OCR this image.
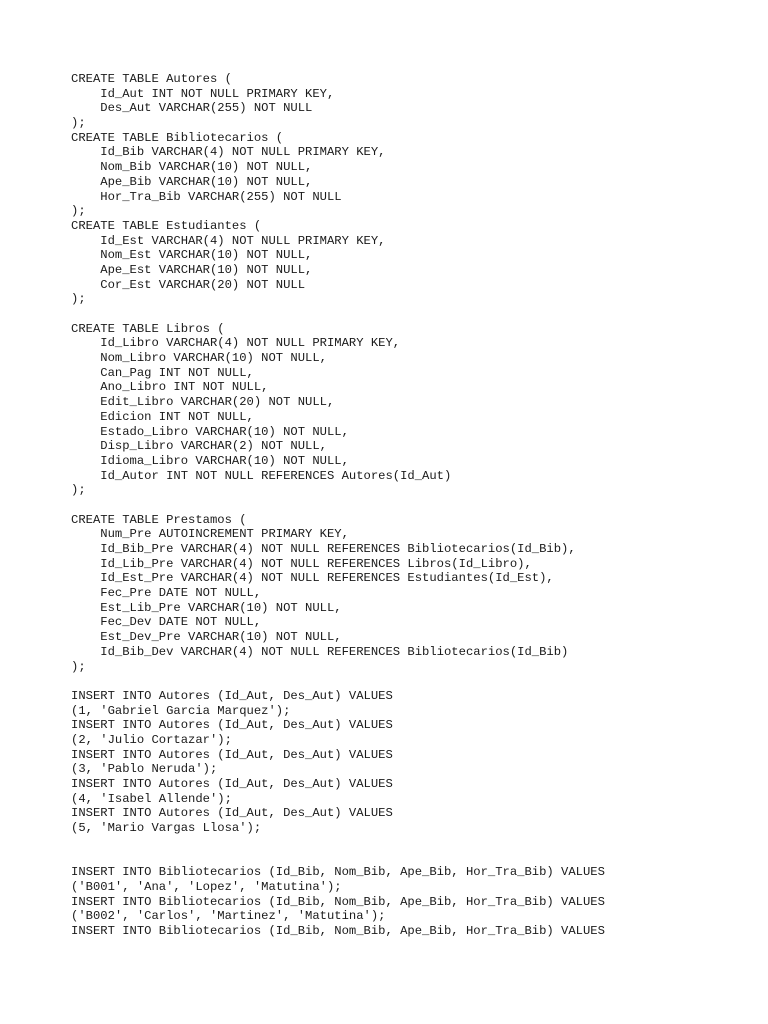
CREATE TABLE Autores (
Id_Aut INT NOT NULL PRIMARY KEY,
Des_Aut VARCHAR(255) NOT NULL
);
CREATE TABLE Bibliotecarios (
Id_Bib VARCHAR(4) NOT NULL PRIMARY KEY,
Nom_Bib VARCHAR(10) NOT NULL,
Ape_Bib VARCHAR(10) NOT NULL,
Hor_Tra_Bib VARCHAR(255) NOT NULL
);
CREATE TABLE Estudiantes (
Id_Est VARCHAR(4) NOT NULL PRIMARY KEY,
Nom_Est VARCHAR(10) NOT NULL,
Ape_Est VARCHAR(10) NOT NULL,
Cor_Est VARCHAR(20) NOT NULL
);
CREATE TABLE Libros (
Id_Libro VARCHAR(4) NOT NULL PRIMARY KEY,
Nom_Libro VARCHAR(10) NOT NULL,
Can_Pag INT NOT NULL,
Ano_Libro INT NOT NULL,
Edit_Libro VARCHAR(20) NOT NULL,
Edicion INT NOT NULL,
Estado_Libro VARCHAR(10) NOT NULL,
Disp_Libro VARCHAR(2) NOT NULL,
Idioma_Libro VARCHAR(10) NOT NULL,
Id_Autor INT NOT NULL REFERENCES Autores(Id_Aut)
);
CREATE TABLE Prestamos (
Num_Pre AUTOINCREMENT PRIMARY KEY,
Id_Bib_Pre VARCHAR(4) NOT NULL REFERENCES Bibliotecarios(Id_Bib),
Id_Lib_Pre VARCHAR(4) NOT NULL REFERENCES Libros(Id_Libro),
Id_Est_Pre VARCHAR(4) NOT NULL REFERENCES Estudiantes(Id_Est),
Fec_Pre DATE NOT NULL,
Est_Lib_Pre VARCHAR(10) NOT NULL,
Fec_Dev DATE NOT NULL,
Est_Dev_Pre VARCHAR(10) NOT NULL,
Id_Bib_Dev VARCHAR(4) NOT NULL REFERENCES Bibliotecarios(Id_Bib)
);
INSERT INTO Autores (Id_Aut, Des_Aut) VALUES
(1, 'Gabriel Garcia Marquez');
INSERT INTO Autores (Id_Aut, Des_Aut) VALUES
(2, 'Julio Cortazar');
INSERT INTO Autores (Id_Aut, Des_Aut) VALUES
(3, 'Pablo Neruda');
INSERT INTO Autores (Id_Aut, Des_Aut) VALUES
(4, 'Isabel Allende');
INSERT INTO Autores (Id_Aut, Des_Aut) VALUES
(5, 'Mario Vargas Llosa');
INSERT INTO Bibliotecarios (Id_Bib, Nom_Bib, Ape_Bib, Hor_Tra_Bib) VALUES
('B001', 'Ana', 'Lopez', 'Matutina');
INSERT INTO Bibliotecarios (Id_Bib, Nom_Bib, Ape_Bib, Hor_Tra_Bib) VALUES
('B002', 'Carlos', 'Martinez', 'Matutina');
INSERT INTO Bibliotecarios (Id_Bib, Nom_Bib, Ape_Bib, Hor_Tra_Bib) VALUES
